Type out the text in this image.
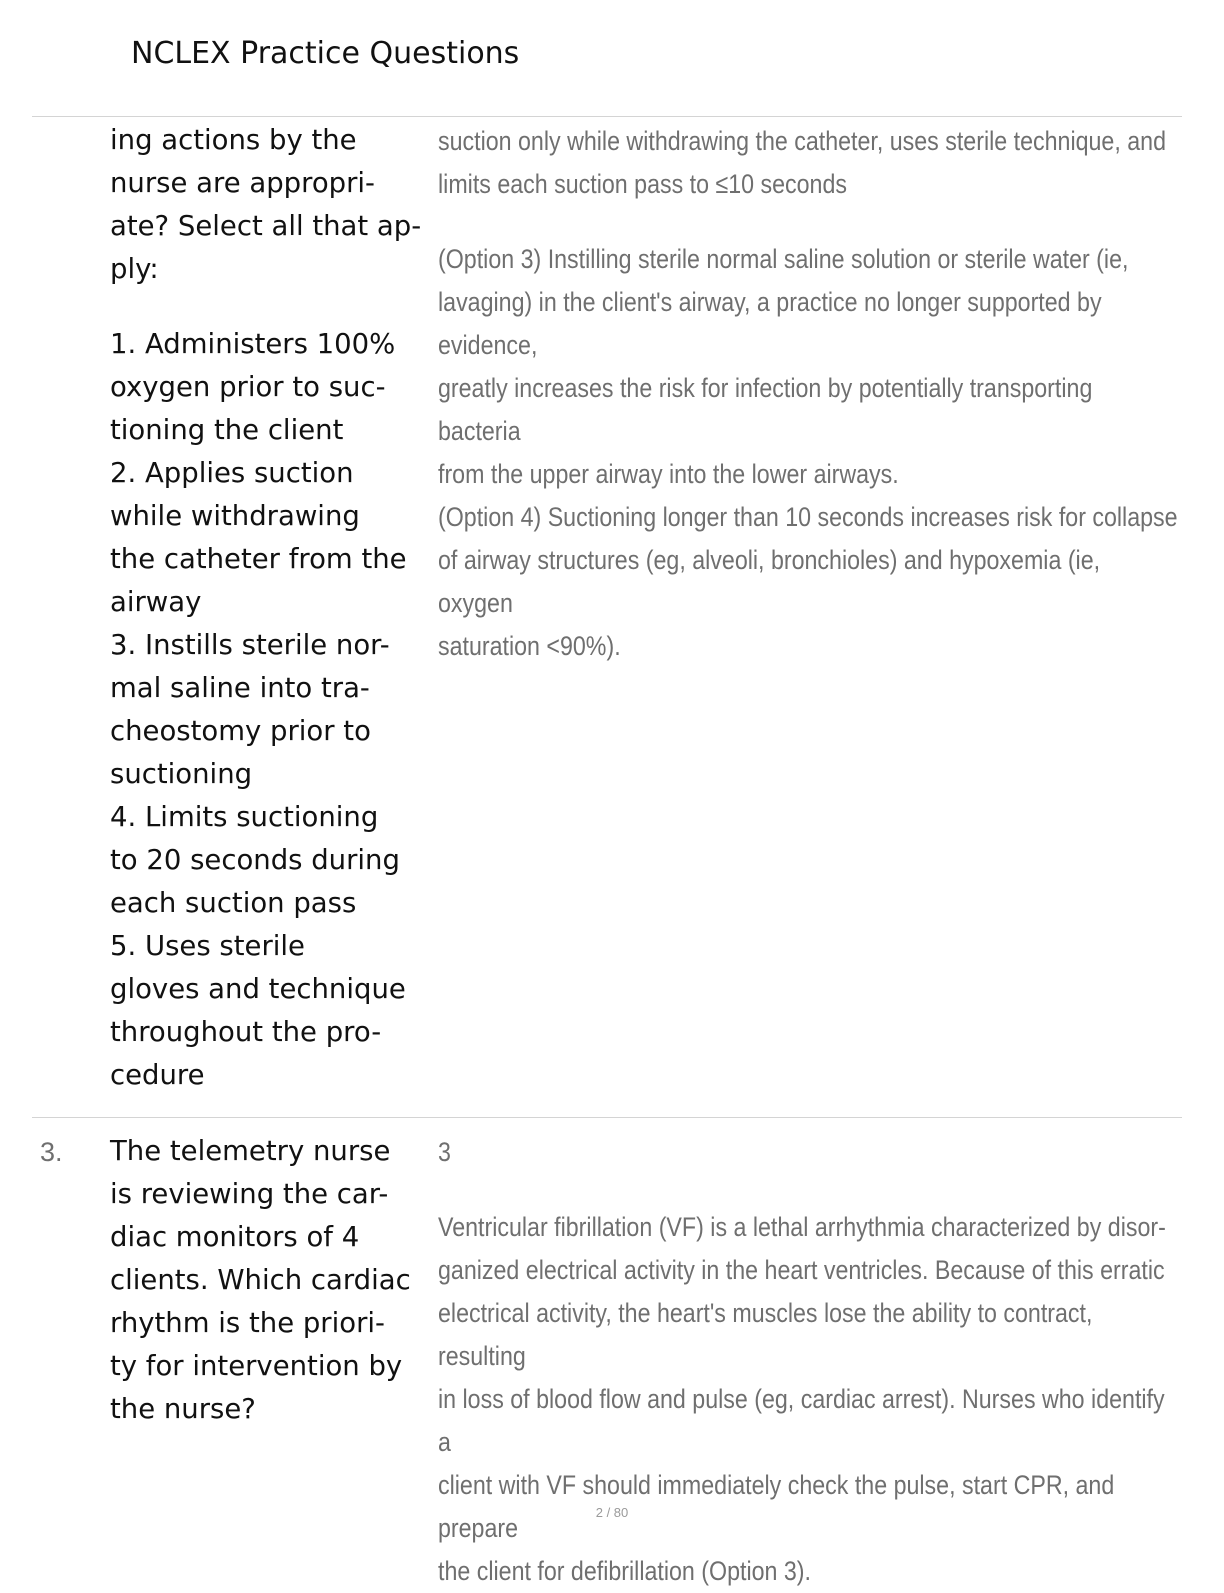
NCLEX Practice Questions

ing actions by the

nurse are appropri-

ate? Select all that ap-

ply:

1. Administers 100%

oxygen prior to suc-

tioning the client

2. Applies suction

while withdrawing

the catheter from the

airway

3. Instills sterile nor-

mal saline into tra-

cheostomy prior to

suctioning

4. Limits suctioning

to 20 seconds during

each suction pass

5. Uses sterile

gloves and technique

throughout the pro-

cedure

suction only while withdrawing the catheter, uses sterile technique, and

limits each suction pass to ≤10 seconds

(Option 3) Instilling sterile normal saline solution or sterile water (ie,

lavaging) in the client's airway, a practice no longer supported by evidence,

greatly increases the risk for infection by potentially transporting bacteria

from the upper airway into the lower airways.

(Option 4) Suctioning longer than 10 seconds increases risk for collapse

of airway structures (eg, alveoli, bronchioles) and hypoxemia (ie, oxygen

saturation <90%).

3. The telemetry nurse

is reviewing the car-

diac monitors of 4

clients. Which cardiac

rhythm is the priori-

ty for intervention by

the nurse?

3

Ventricular fibrillation (VF) is a lethal arrhythmia characterized by disor-

ganized electrical activity in the heart ventricles. Because of this erratic

electrical activity, the heart's muscles lose the ability to contract, resulting

in loss of blood flow and pulse (eg, cardiac arrest). Nurses who identify a

client with VF should immediately check the pulse, start CPR, and prepare

the client for defibrillation (Option 3).

2 / 80
